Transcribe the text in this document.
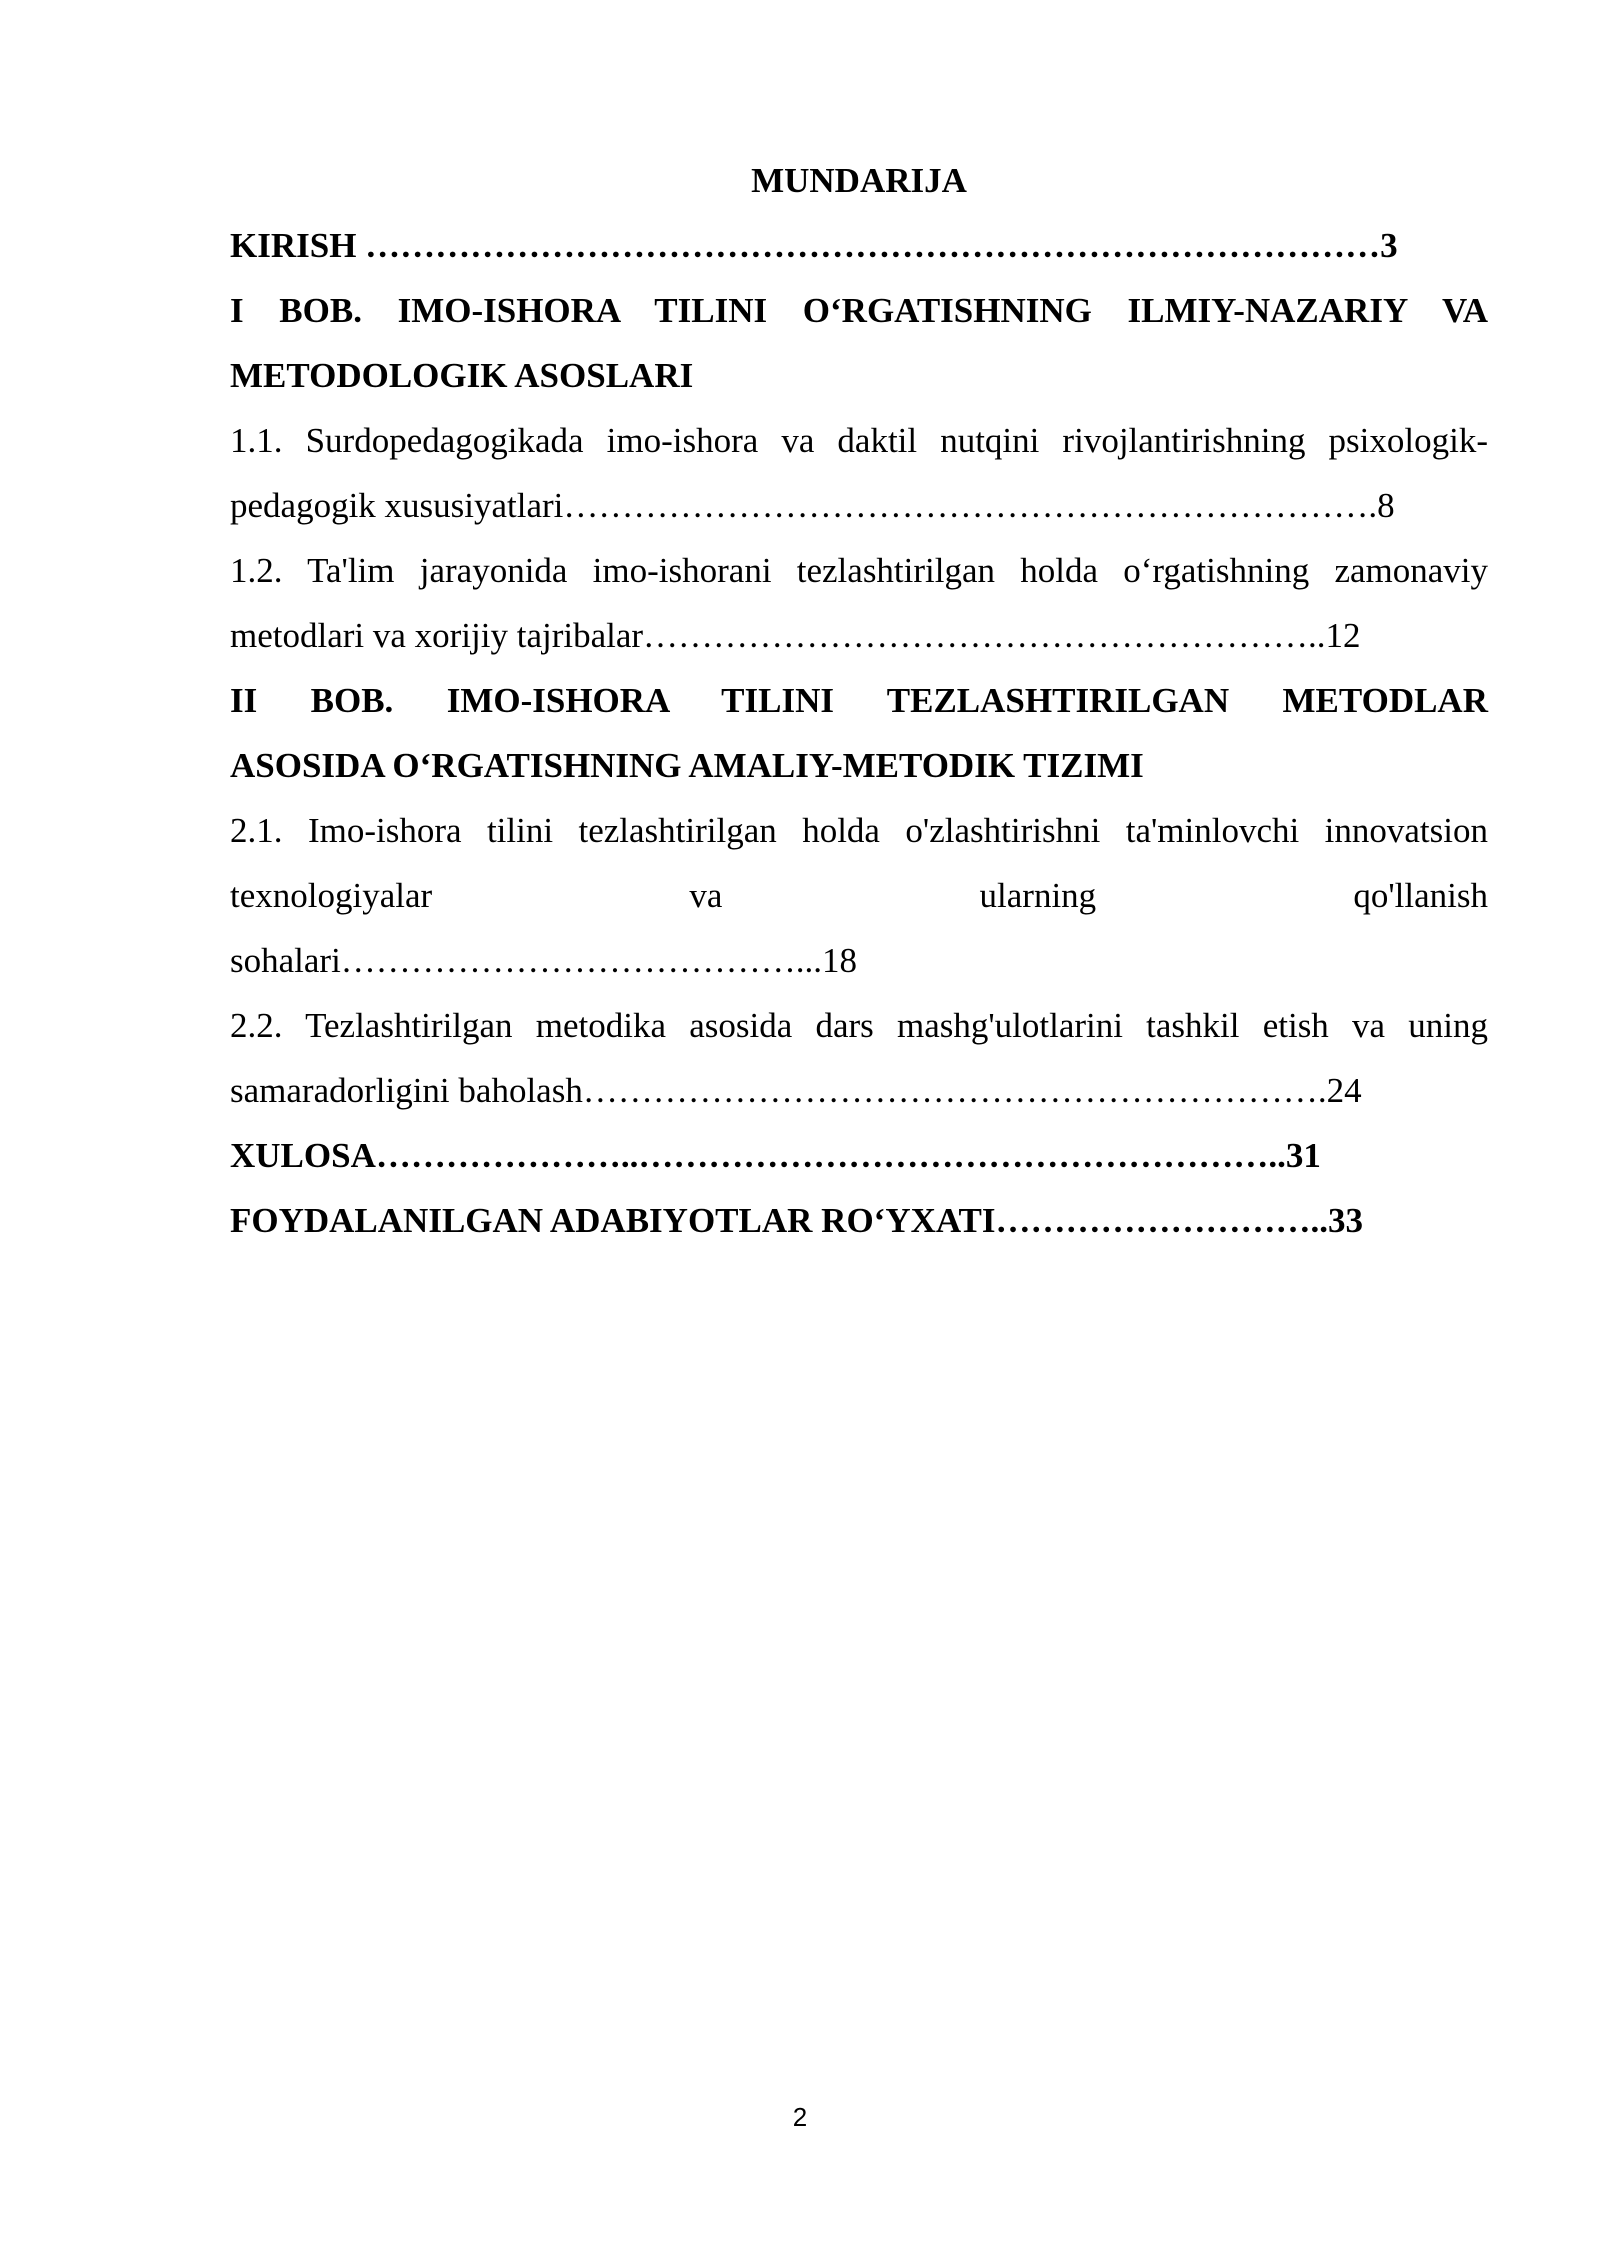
MUNDARIJA

KIRISH ……………………………………………………………………………3

I BOB. IMO-ISHORA TILINI O‘RGATISHNING ILMIY-NAZARIY VA

METODOLOGIK ASOSLARI

1.1. Surdopedagogikada imo-ishora va daktil nutqini rivojlantirishning psixologik-

pedagogik xususiyatlari…………………………………………………………….8

1.2. Ta'lim jarayonida imo-ishorani tezlashtirilgan holda o‘rgatishning zamonaviy

metodlari va xorijiy tajribalar…………………………………………………..12

II BOB. IMO-ISHORA TILINI TEZLASHTIRILGAN METODLAR

ASOSIDA O‘RGATISHNING AMALIY-METODIK TIZIMI

2.1. Imo-ishora tilini tezlashtirilgan holda o'zlashtirishni ta'minlovchi innovatsion

texnologiyalar va ularning qo'llanish

sohalari…………………………………...18

2.2. Tezlashtirilgan metodika asosida dars mashg'ulotlarini tashkil etish va uning

samaradorligini baholash……………………………………………………….24

XULOSA…………………..………………………………………………..31

FOYDALANILGAN ADABIYOTLAR RO‘YXATI………………………..33

2
